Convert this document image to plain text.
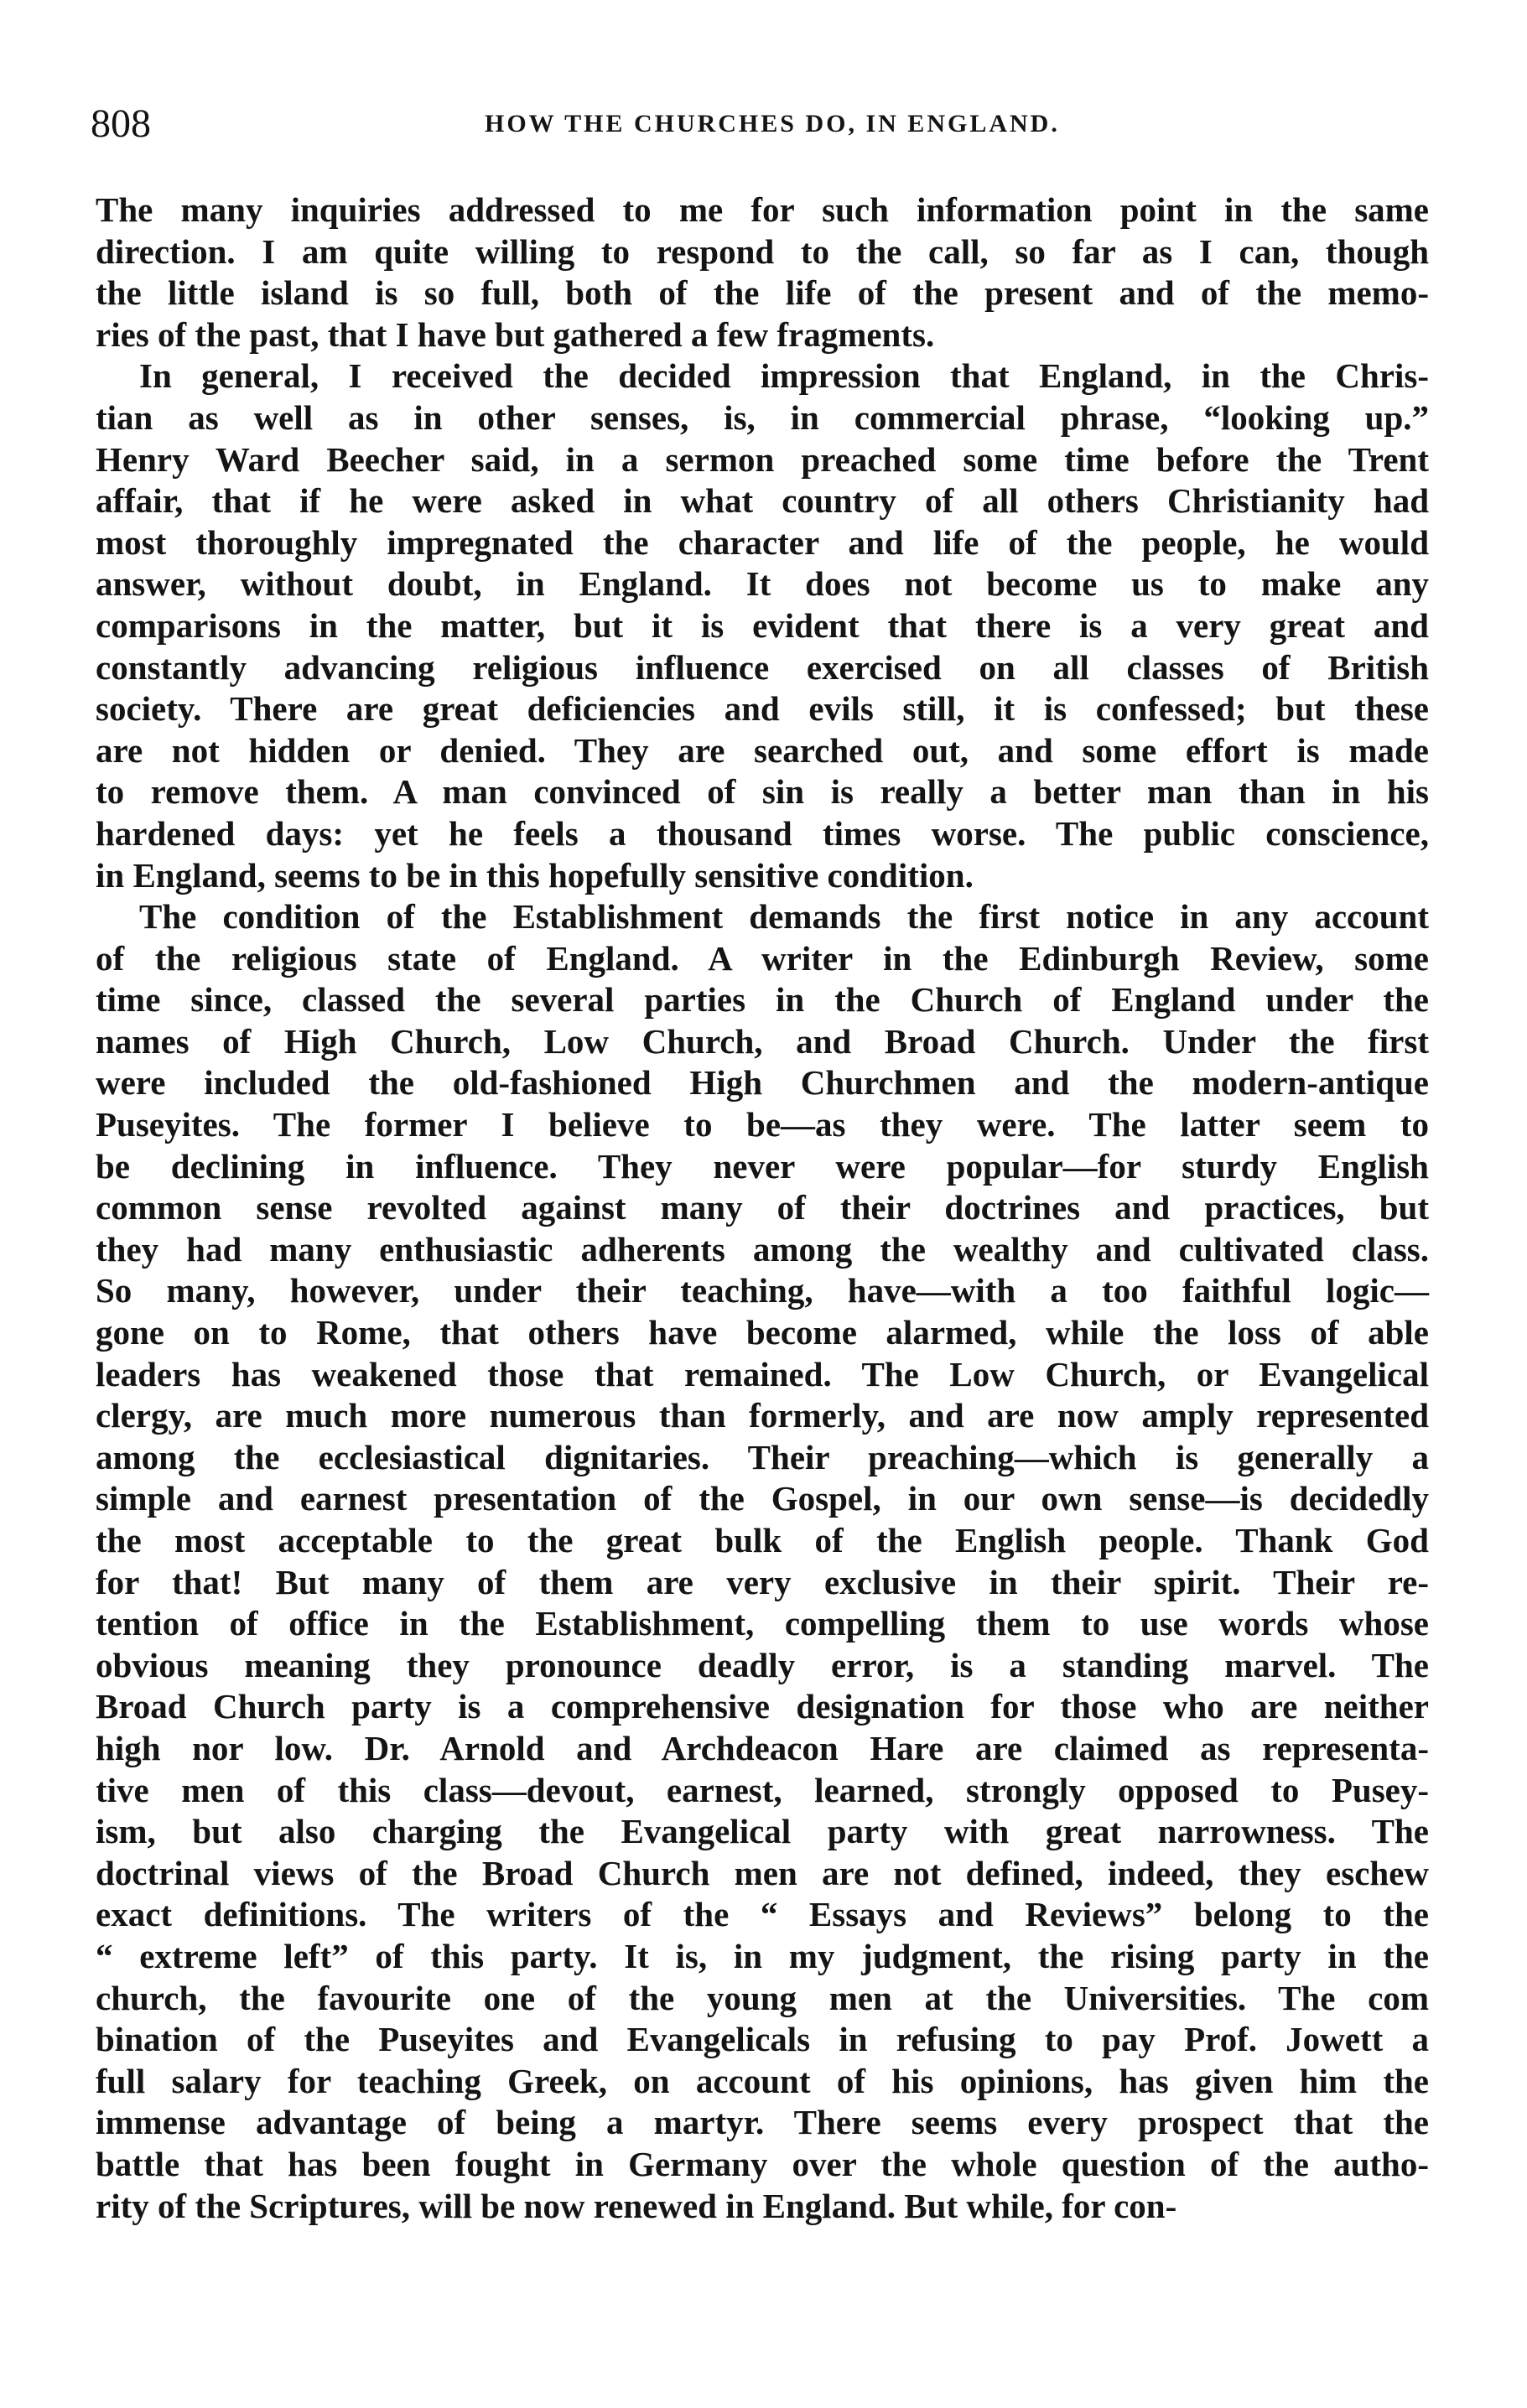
808	HOW THE CHURCHES DO, IN ENGLAND.
The many inquiries addressed to me for such information point in the same
direction. I am quite willing to respond to the call, so far as I can, though
the little island is so full, both of the life of the present and of the memo-
ries of the past, that I have but gathered a few fragments.
In general, I received the decided impression that England, in the Chris-
tian as well as in other senses, is, in commercial phrase, “looking up.”
Henry Ward Beecher said, in a sermon preached some time before the Trent
affair, that if he were asked in what country of all others Christianity had
most thoroughly impregnated the character and life of the people, he would
answer, without doubt, in England. It does not become us to make any
comparisons in the matter, but it is evident that there is a very great and
constantly advancing religious influence exercised on all classes of British
society. There are great deficiencies and evils still, it is confessed; but these
are not hidden or denied. They are searched out, and some effort is made
to remove them. A man convinced of sin is really a better man than in his
hardened days: yet he feels a thousand times worse. The public conscience,
in England, seems to be in this hopefully sensitive condition.
The condition of the Establishment demands the first notice in any account
of the religious state of England. A writer in the Edinburgh Review, some
time since, classed the several parties in the Church of England under the
names of High Church, Low Church, and Broad Church. Under the first
were included the old-fashioned High Churchmen and the modern-antique
Puseyites. The former I believe to be—as they were. The latter seem to
be declining in influence. They never were popular—for sturdy English
common sense revolted against many of their doctrines and practices, but
they had many enthusiastic adherents among the wealthy and cultivated class.
So many, however, under their teaching, have—with a too faithful logic—
gone on to Rome, that others have become alarmed, while the loss of able
leaders has weakened those that remained. The Low Church, or Evangelical
clergy, are much more numerous than formerly, and are now amply represented
among the ecclesiastical dignitaries. Their preaching—which is generally a
simple and earnest presentation of the Gospel, in our own sense—is decidedly
the most acceptable to the great bulk of the English people. Thank God
for that! But many of them are very exclusive in their spirit. Their re-
tention of office in the Establishment, compelling them to use words whose
obvious meaning they pronounce deadly error, is a standing marvel. The
Broad Church party is a comprehensive designation for those who are neither
high nor low. Dr. Arnold and Archdeacon Hare are claimed as representa-
tive men of this class—devout, earnest, learned, strongly opposed to Pusey-
ism, but also charging the Evangelical party with great narrowness. The
doctrinal views of the Broad Church men are not defined, indeed, they eschew
exact definitions. The writers of the “ Essays and Reviews” belong to the
“ extreme left” of this party. It is, in my judgment, the rising party in the
church, the favourite one of the young men at the Universities. The com
bination of the Puseyites and Evangelicals in refusing to pay Prof. Jowett a
full salary for teaching Greek, on account of his opinions, has given him the
immense advantage of being a martyr. There seems every prospect that the
battle that has been fought in Germany over the whole question of the autho-
rity of the Scriptures, will be now renewed in England. But while, for con-
